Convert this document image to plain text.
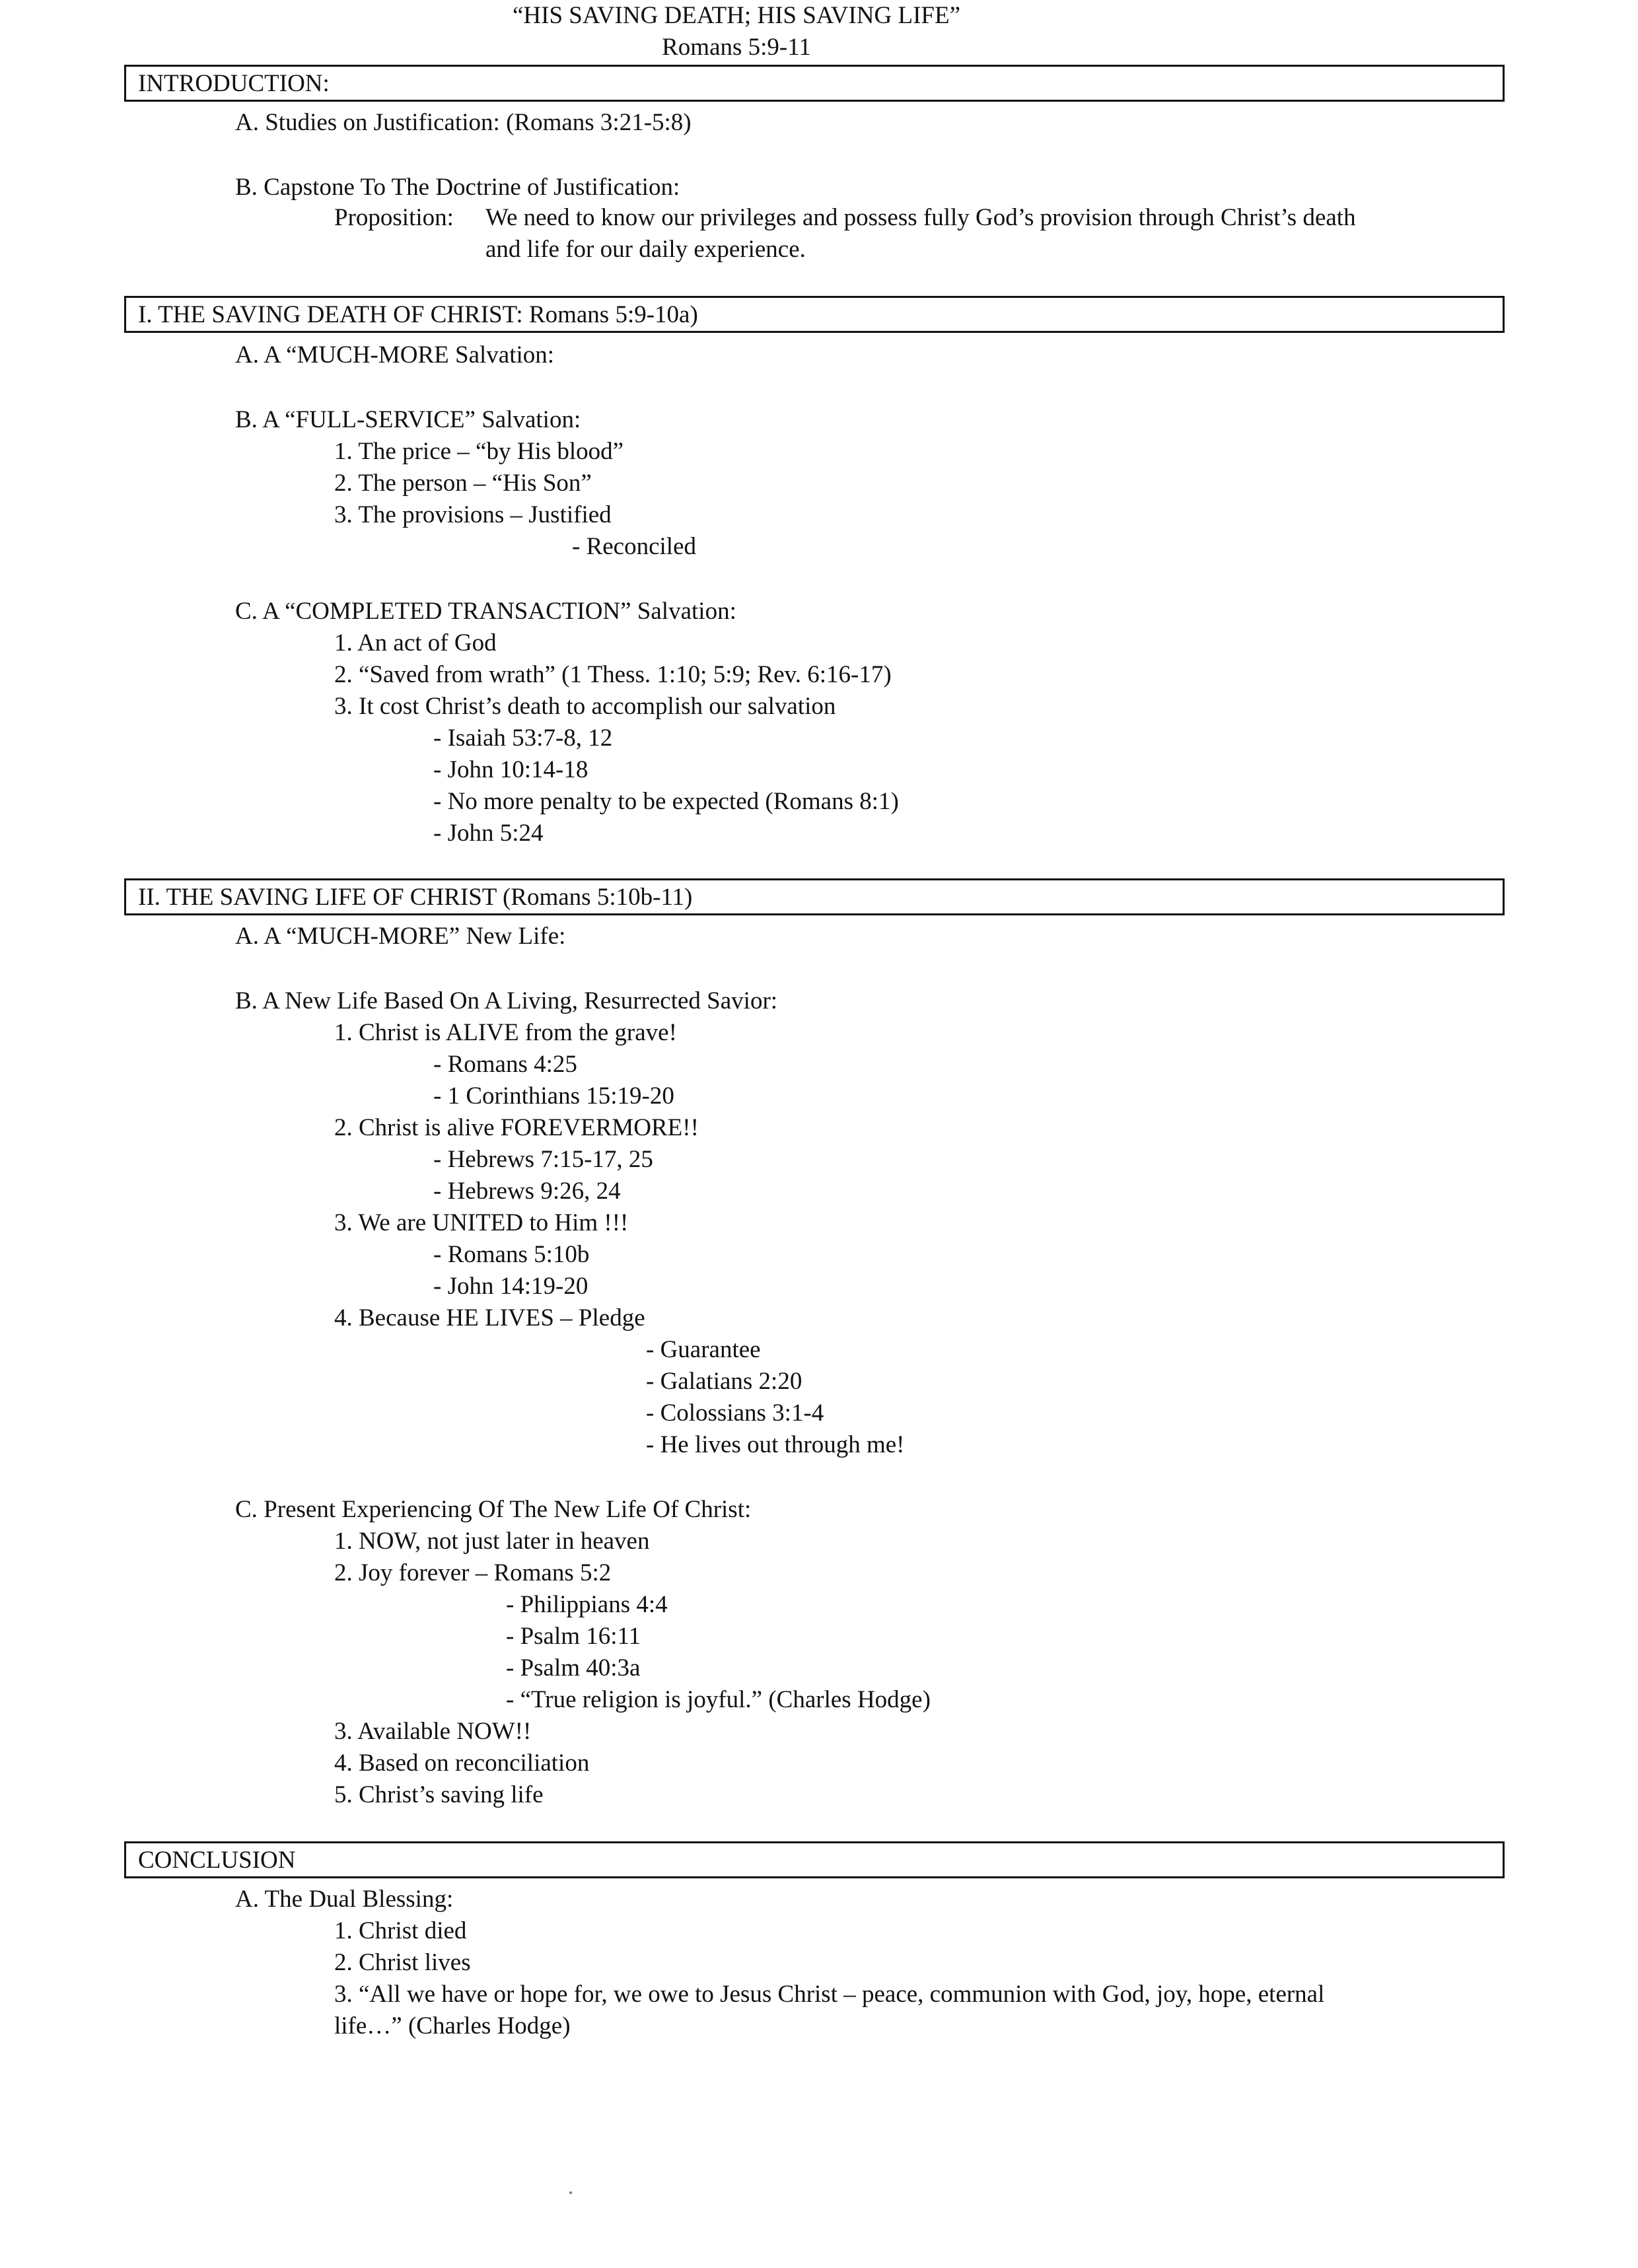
“HIS SAVING DEATH; HIS SAVING LIFE”
Romans 5:9-11
INTRODUCTION:
A. Studies on Justification: (Romans 3:21-5:8)
B. Capstone To The Doctrine of Justification:
Proposition: We need to know our privileges and possess fully God’s provision through Christ’s death
and life for our daily experience.
I. THE SAVING DEATH OF CHRIST: Romans 5:9-10a)
A. A “MUCH-MORE Salvation:
B. A “FULL-SERVICE” Salvation:
1. The price – “by His blood”
2. The person – “His Son”
3. The provisions – Justified
- Reconciled
C. A “COMPLETED TRANSACTION” Salvation:
1. An act of God
2. “Saved from wrath” (1 Thess. 1:10; 5:9; Rev. 6:16-17)
3. It cost Christ’s death to accomplish our salvation
- Isaiah 53:7-8, 12
- John 10:14-18
- No more penalty to be expected (Romans 8:1)
- John 5:24
II. THE SAVING LIFE OF CHRIST (Romans 5:10b-11)
A. A “MUCH-MORE” New Life:
B. A New Life Based On A Living, Resurrected Savior:
1. Christ is ALIVE from the grave!
- Romans 4:25
- 1 Corinthians 15:19-20
2. Christ is alive FOREVERMORE!!
- Hebrews 7:15-17, 25
- Hebrews 9:26, 24
3. We are UNITED to Him !!!
- Romans 5:10b
- John 14:19-20
4. Because HE LIVES – Pledge
- Guarantee
- Galatians 2:20
- Colossians 3:1-4
- He lives out through me!
C. Present Experiencing Of The New Life Of Christ:
1. NOW, not just later in heaven
2. Joy forever – Romans 5:2
- Philippians 4:4
- Psalm 16:11
- Psalm 40:3a
- “True religion is joyful.” (Charles Hodge)
3. Available NOW!!
4. Based on reconciliation
5. Christ’s saving life
CONCLUSION
A. The Dual Blessing:
1. Christ died
2. Christ lives
3. “All we have or hope for, we owe to Jesus Christ – peace, communion with God, joy, hope, eternal
life…” (Charles Hodge)
